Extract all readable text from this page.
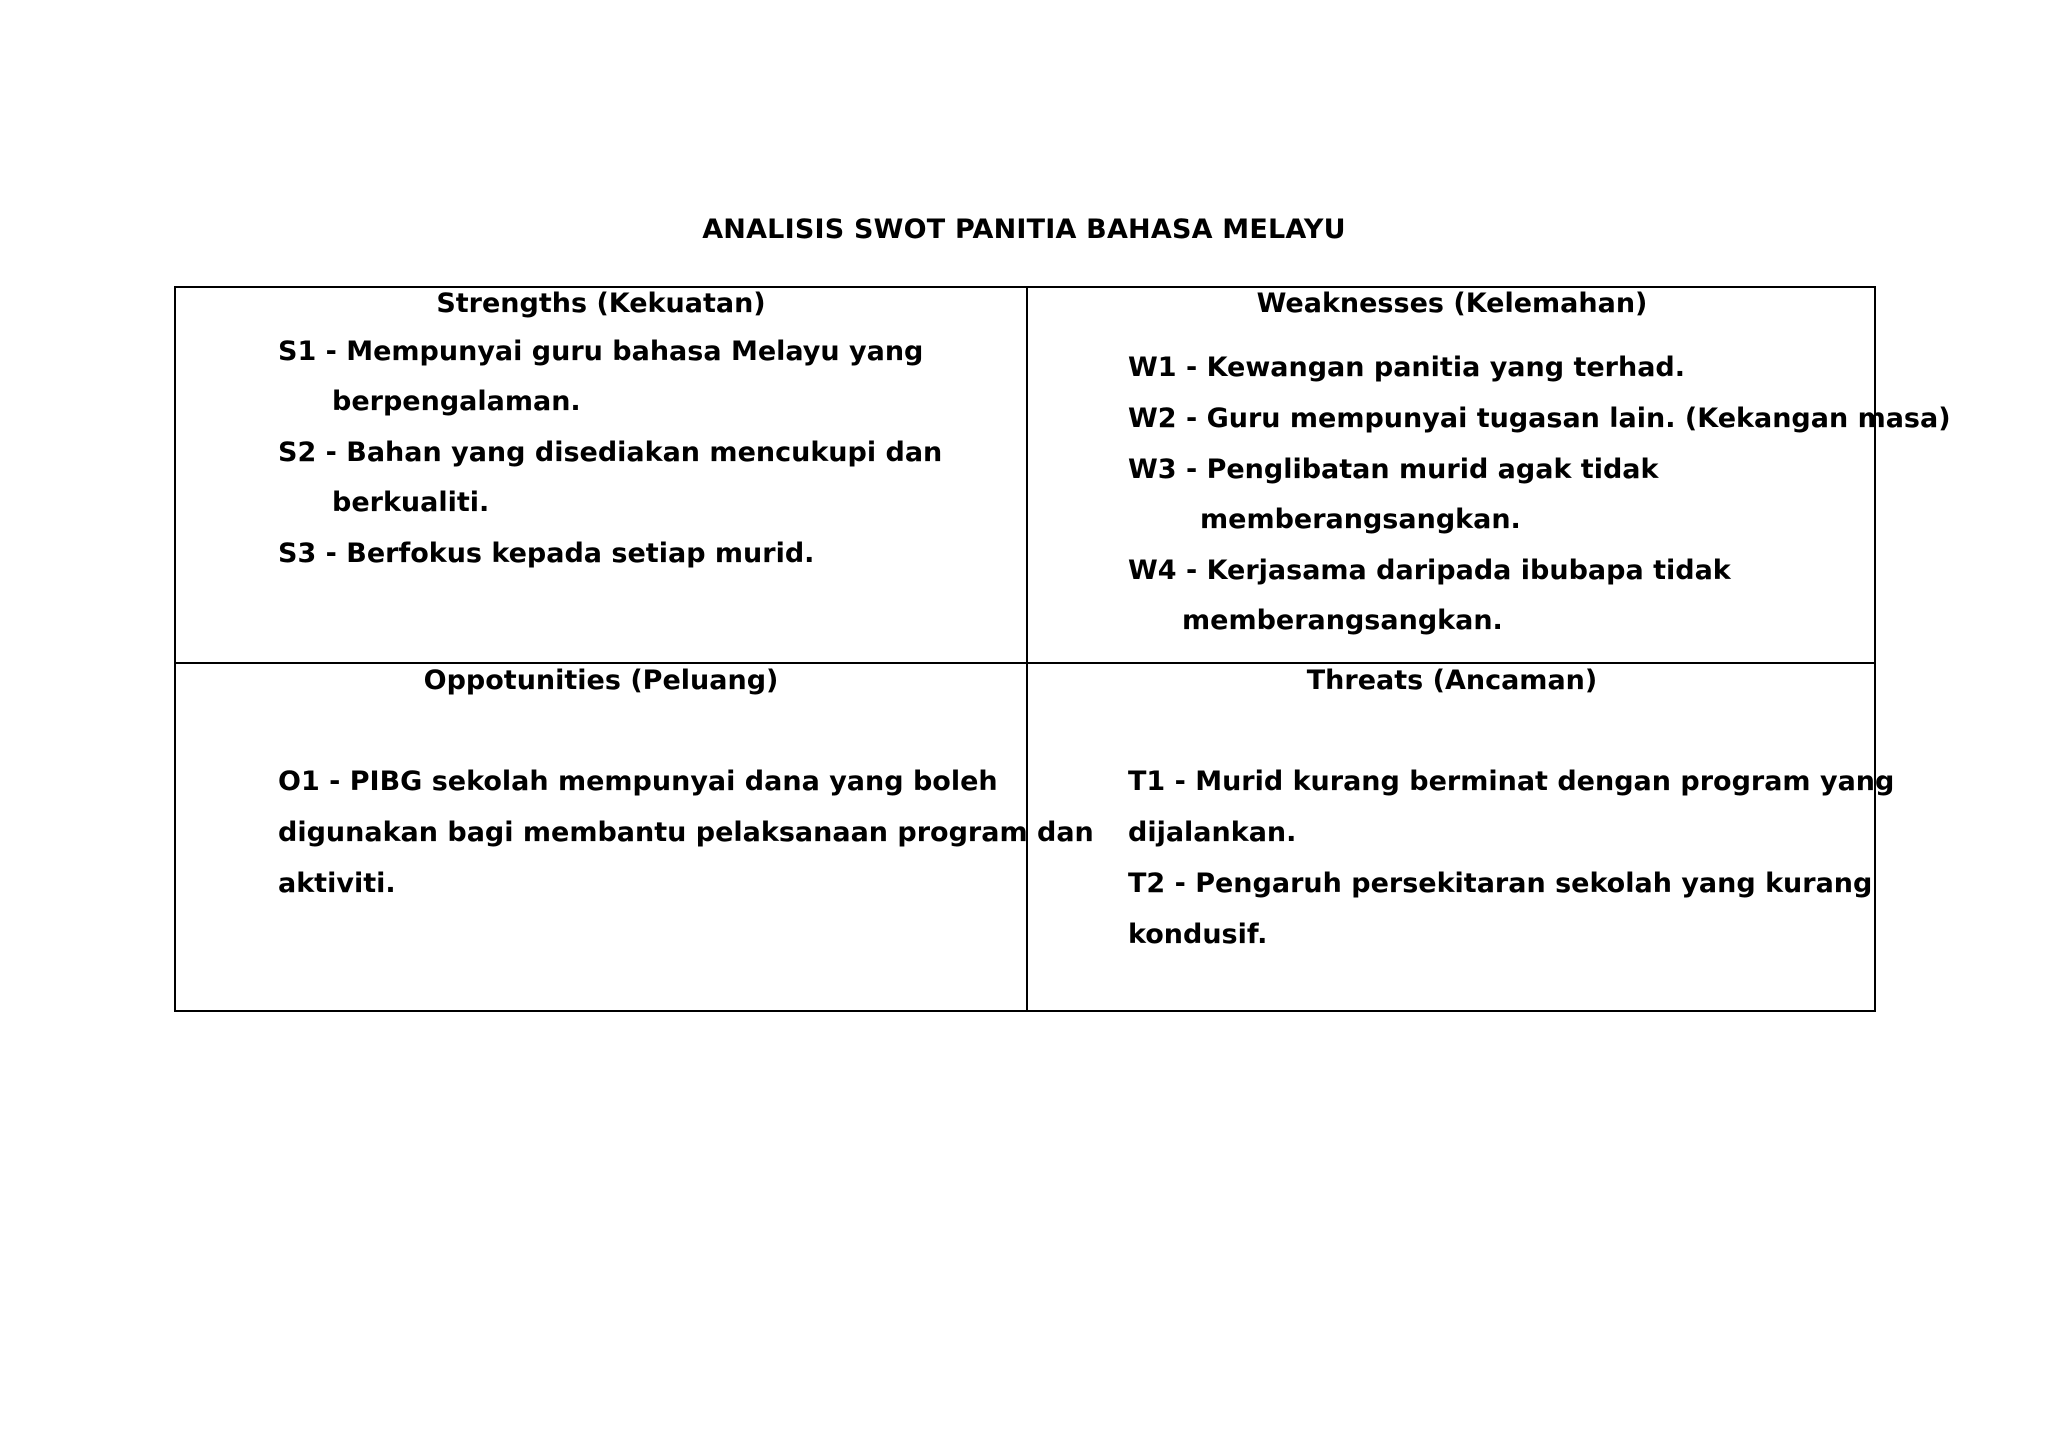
ANALISIS SWOT PANITIA BAHASA MELAYU
Strengths (Kekuatan)
S1 - Mempunyai guru bahasa Melayu yang
berpengalaman.
S2 - Bahan yang disediakan mencukupi dan
berkualiti.
S3 - Berfokus kepada setiap murid.
Weaknesses (Kelemahan)
W1 - Kewangan panitia yang terhad.
W2 - Guru mempunyai tugasan lain. (Kekangan masa)
W3 - Penglibatan murid agak tidak
memberangsangkan.
W4 - Kerjasama daripada ibubapa tidak
memberangsangkan.
Oppotunities (Peluang)
O1 - PIBG sekolah mempunyai dana yang boleh
digunakan bagi membantu pelaksanaan program dan
aktiviti.
Threats (Ancaman)
T1 - Murid kurang berminat dengan program yang
dijalankan.
T2 - Pengaruh persekitaran sekolah yang kurang
kondusif.
